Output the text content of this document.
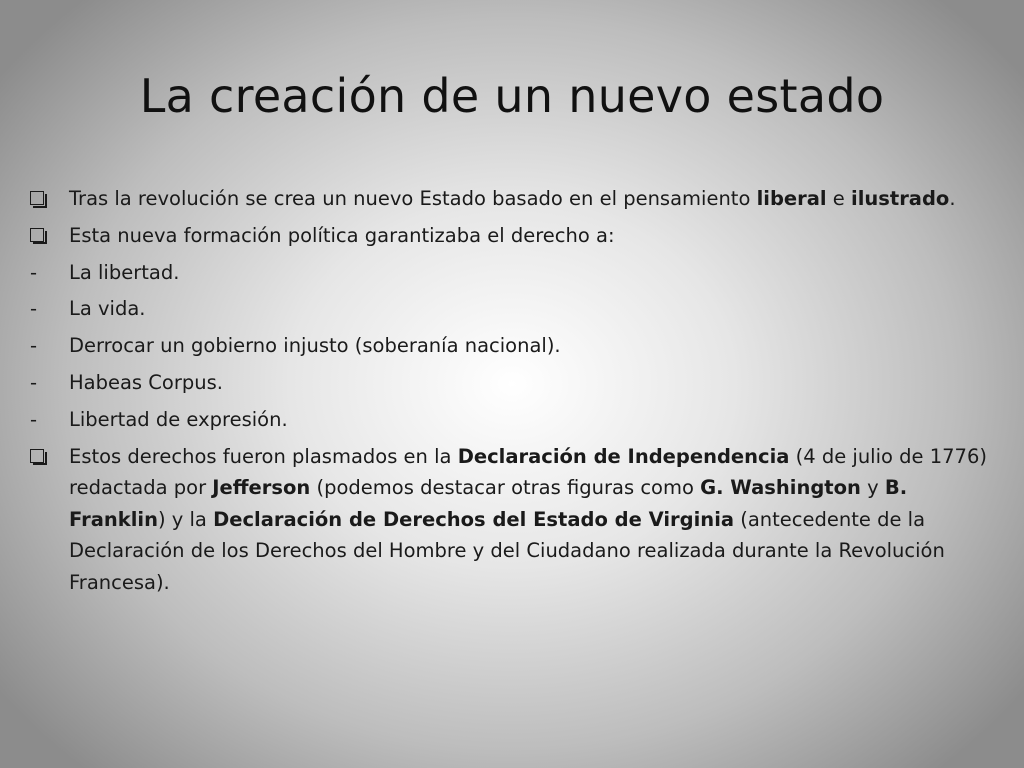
La creación de un nuevo estado
Tras la revolución se crea un nuevo Estado basado en el pensamiento liberal e ilustrado.
Esta nueva formación política garantizaba el derecho a:
- La libertad.
- La vida.
- Derrocar un gobierno injusto (soberanía nacional).
- Habeas Corpus.
- Libertad de expresión.
Estos derechos fueron plasmados en la Declaración de Independencia (4 de julio de 1776) redactada por Jefferson (podemos destacar otras figuras como G. Washington y B. Franklin) y la Declaración de Derechos del Estado de Virginia (antecedente de la Declaración de los Derechos del Hombre y del Ciudadano realizada durante la Revolución Francesa).
